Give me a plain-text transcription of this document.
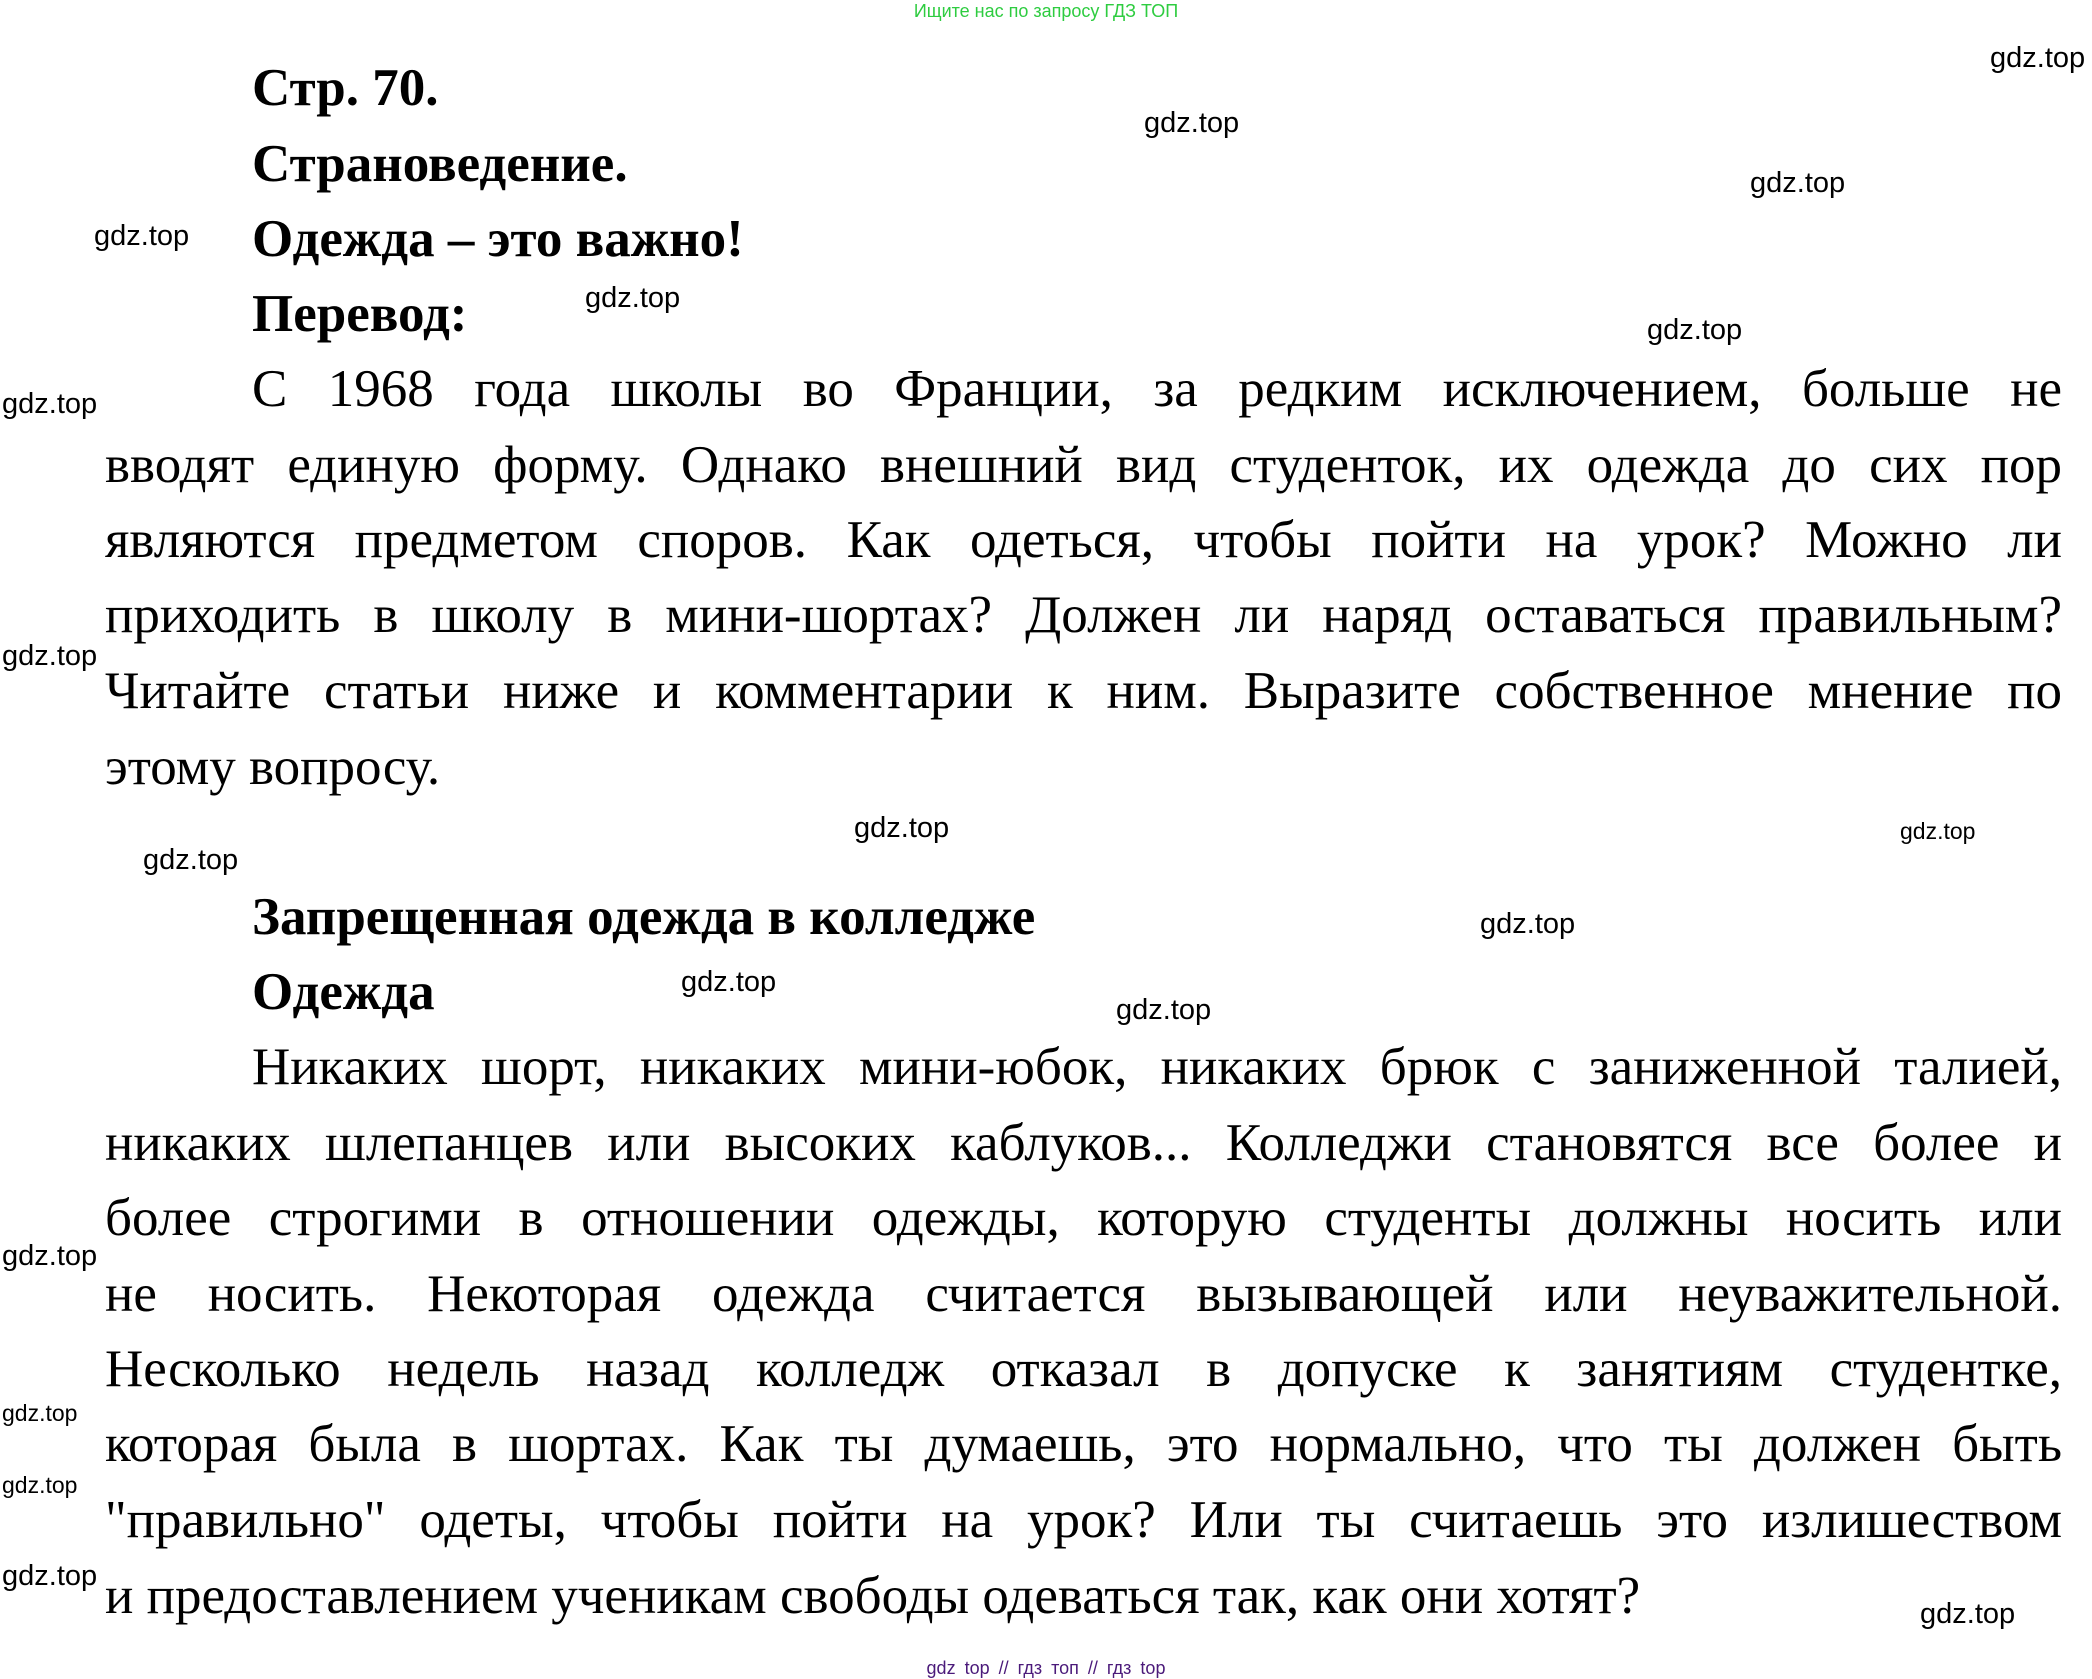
Ищите нас по запросу ГДЗ ТОП
Стр. 70.
Страноведение.
Одежда – это важно!
Перевод:
С 1968 года школы во Франции, за редким исключением, больше не
вводят единую форму. Однако внешний вид студенток, их одежда до сих пор
являются предметом споров. Как одеться, чтобы пойти на урок? Можно ли
приходить в школу в мини-шортах? Должен ли наряд оставаться правильным?
Читайте статьи ниже и комментарии к ним. Выразите собственное мнение по
этому вопросу.
Запрещенная одежда в колледже
Одежда
Никаких шорт, никаких мини-юбок, никаких брюк с заниженной талией,
никаких шлепанцев или высоких каблуков... Колледжи становятся все более и
более строгими в отношении одежды, которую студенты должны носить или
не носить. Некоторая одежда считается вызывающей или неуважительной.
Несколько недель назад колледж отказал в допуске к занятиям студентке,
которая была в шортах. Как ты думаешь, это нормально, что ты должен быть
"правильно" одеты, чтобы пойти на урок? Или ты считаешь это излишеством
и предоставлением ученикам свободы одеваться так, как они хотят?
gdz.top
gdz.top
gdz.top
gdz.top
gdz.top
gdz.top
gdz.top
gdz.top
gdz.top
gdz.top
gdz.top
gdz.top
gdz.top
gdz.top
gdz.top
gdz.top
gdz.top
gdz.top
gdz.top
gdz top // гдз топ // гдз top
